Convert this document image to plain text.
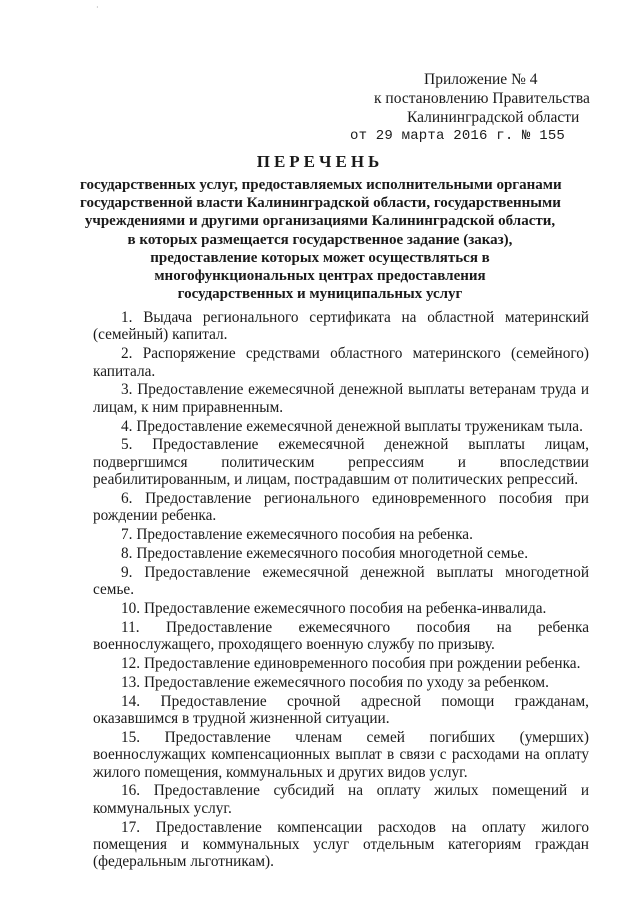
·
Приложение № 4
к постановлению Правительства
Калининградской области
от 29 марта 2016 г. № 155
ПЕРЕЧЕНЬ
государственных услуг, предоставляемых исполнительными органами
государственной власти Калининградской области, государственными
учреждениями и другими организациями Калининградской области,
в которых размещается государственное задание (заказ),
предоставление которых может осуществляться в
многофункциональных центрах предоставления
государственных и муниципальных услуг

1. Выдача регионального сертификата на областной материнский (семейный) капитал.

2. Распоряжение средствами областного материнского (семейного) капитала.

3. Предоставление ежемесячной денежной выплаты ветеранам труда и лицам, к ним приравненным.

4. Предоставление ежемесячной денежной выплаты труженикам тыла.

5. Предоставление ежемесячной денежной выплаты лицам, подвергшимся политическим репрессиям и впоследствии реабилитированным, и лицам, пострадавшим от политических репрессий.

6. Предоставление регионального единовременного пособия при рождении ребенка.

7. Предоставление ежемесячного пособия на ребенка.

8. Предоставление ежемесячного пособия многодетной семье.

9. Предоставление ежемесячной денежной выплаты многодетной семье.

10. Предоставление ежемесячного пособия на ребенка-инвалида.

11. Предоставление ежемесячного пособия на ребенка военнослужащего, проходящего военную службу по призыву.

12. Предоставление единовременного пособия при рождении ребенка.

13. Предоставление ежемесячного пособия по уходу за ребенком.

14. Предоставление срочной адресной помощи гражданам, оказавшимся в трудной жизненной ситуации.

15. Предоставление членам семей погибших (умерших) военнослужащих компенсационных выплат в связи с расходами на оплату жилого помещения, коммунальных и других видов услуг.

16. Предоставление субсидий на оплату жилых помещений и коммунальных услуг.

17. Предоставление компенсации расходов на оплату жилого помещения и коммунальных услуг отдельным категориям граждан (федеральным льготникам).
